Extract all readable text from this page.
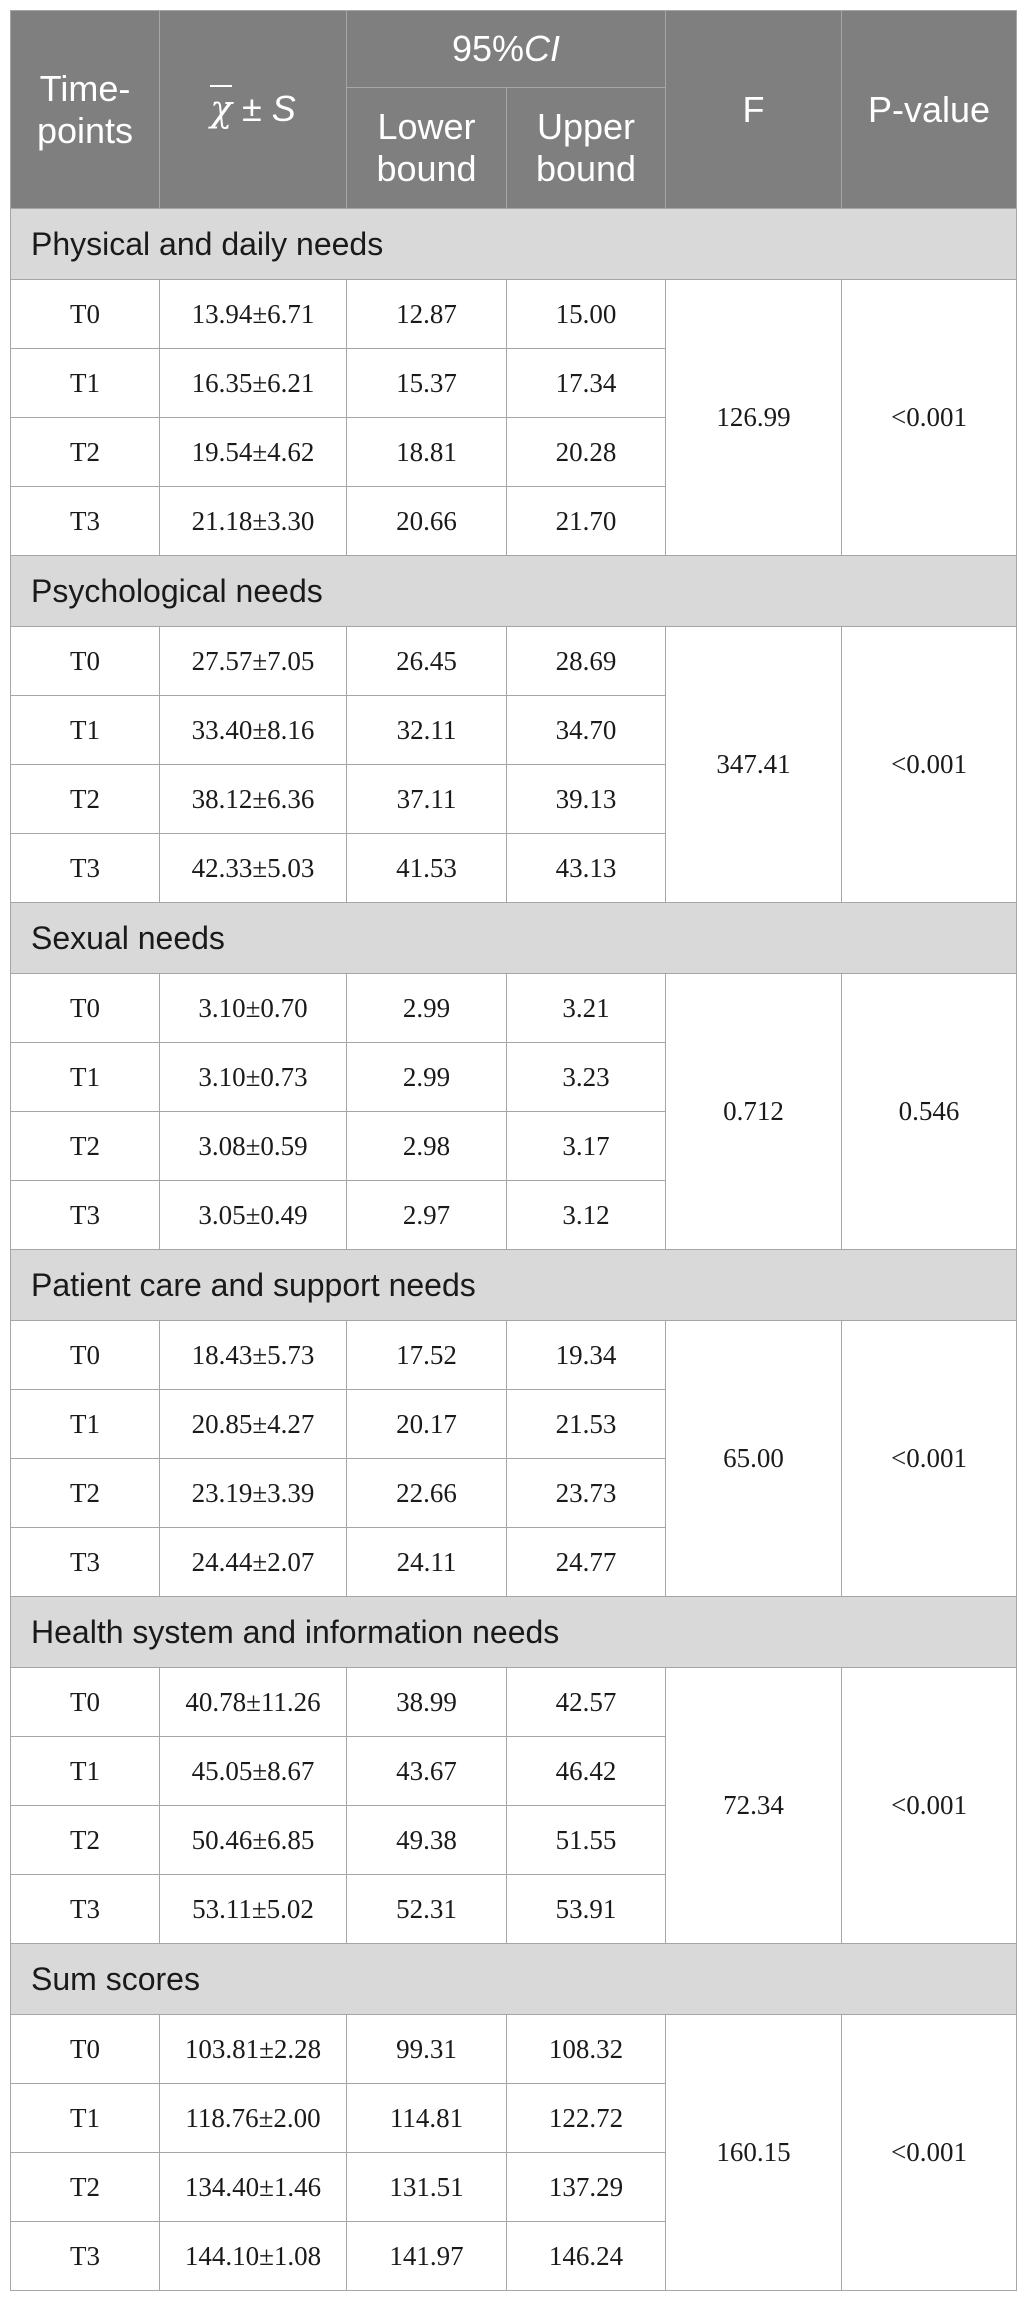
Time-points	χ ± S	95%CI		F	P-value
		Lower bound	Upper bound		
Physical and daily needs					
T0	13.94±6.71	12.87	15.00	126.99	<0.001
T1	16.35±6.21	15.37	17.34		
T2	19.54±4.62	18.81	20.28		
T3	21.18±3.30	20.66	21.70		
Psychological needs					
T0	27.57±7.05	26.45	28.69	347.41	<0.001
T1	33.40±8.16	32.11	34.70		
T2	38.12±6.36	37.11	39.13		
T3	42.33±5.03	41.53	43.13		
Sexual needs					
T0	3.10±0.70	2.99	3.21	0.712	0.546
T1	3.10±0.73	2.99	3.23		
T2	3.08±0.59	2.98	3.17		
T3	3.05±0.49	2.97	3.12		
Patient care and support needs					
T0	18.43±5.73	17.52	19.34	65.00	<0.001
T1	20.85±4.27	20.17	21.53		
T2	23.19±3.39	22.66	23.73		
T3	24.44±2.07	24.11	24.77		
Health system and information needs					
T0	40.78±11.26	38.99	42.57	72.34	<0.001
T1	45.05±8.67	43.67	46.42		
T2	50.46±6.85	49.38	51.55		
T3	53.11±5.02	52.31	53.91		
Sum scores					
T0	103.81±2.28	99.31	108.32	160.15	<0.001
T1	118.76±2.00	114.81	122.72		
T2	134.40±1.46	131.51	137.29		
T3	144.10±1.08	141.97	146.24		
